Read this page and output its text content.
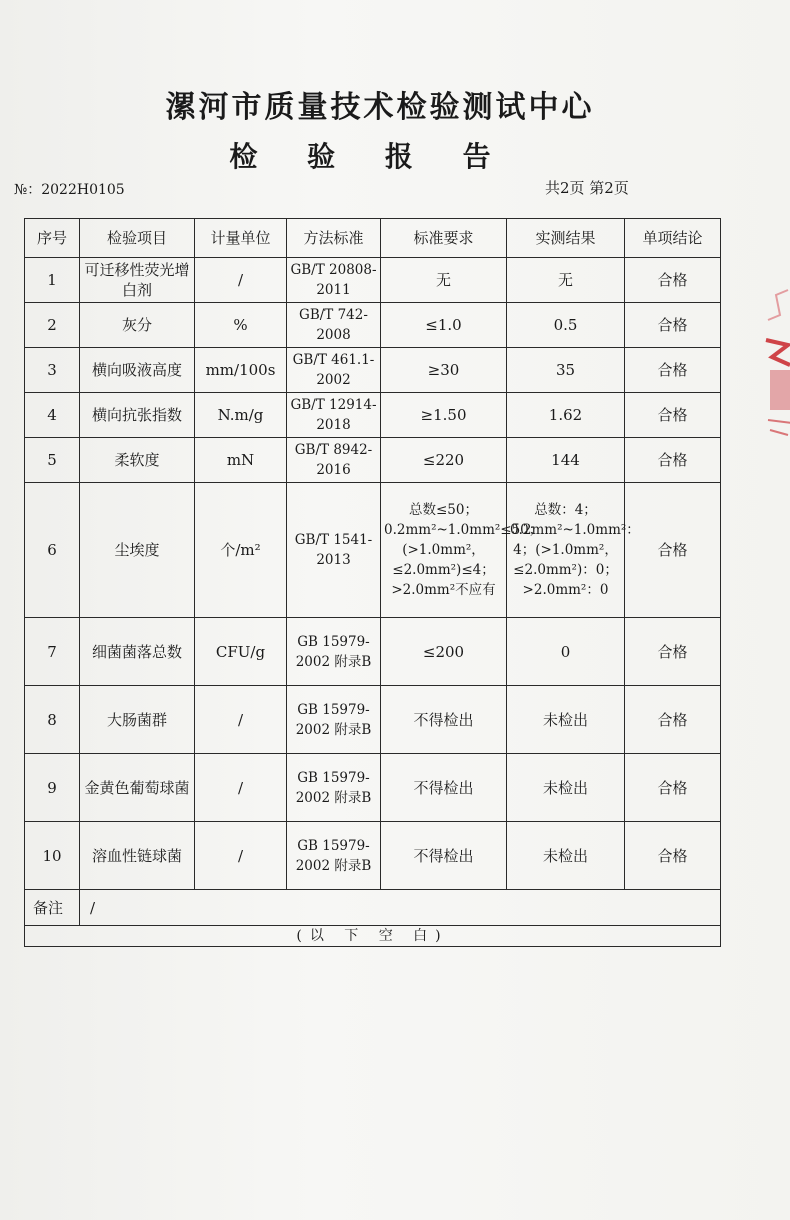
漯河市质量技术检验测试中心
检 验 报 告
№：2022H0105	共2页 第2页
序号	检验项目	计量单位	方法标准	标准要求	实测结果	单项结论
1	可迁移性荧光增白剂	/	GB/T 20808-2011	无	无	合格
2	灰分	%	GB/T 742-2008	≤1.0	0.5	合格
3	横向吸液高度	mm/100s	GB/T 461.1-2002	≥30	35	合格
4	横向抗张指数	N.m/g	GB/T 12914-2018	≥1.50	1.62	合格
5	柔软度	mN	GB/T 8942-2016	≤220	144	合格
6	尘埃度	个/m²	GB/T 1541-2013	总数≤50；0.2mm²~1.0mm²≤50；(>1.0mm²，≤2.0mm²)≤4；>2.0mm²不应有	总数：4；0.2mm²~1.0mm²：4；(>1.0mm²，≤2.0mm²)：0；>2.0mm²：0	合格
7	细菌菌落总数	CFU/g	GB 15979-2002 附录B	≤200	0	合格
8	大肠菌群	/	GB 15979-2002 附录B	不得检出	未检出	合格
9	金黄色葡萄球菌	/	GB 15979-2002 附录B	不得检出	未检出	合格
10	溶血性链球菌	/	GB 15979-2002 附录B	不得检出	未检出	合格
备注	/					
(以 下 空 白)						
